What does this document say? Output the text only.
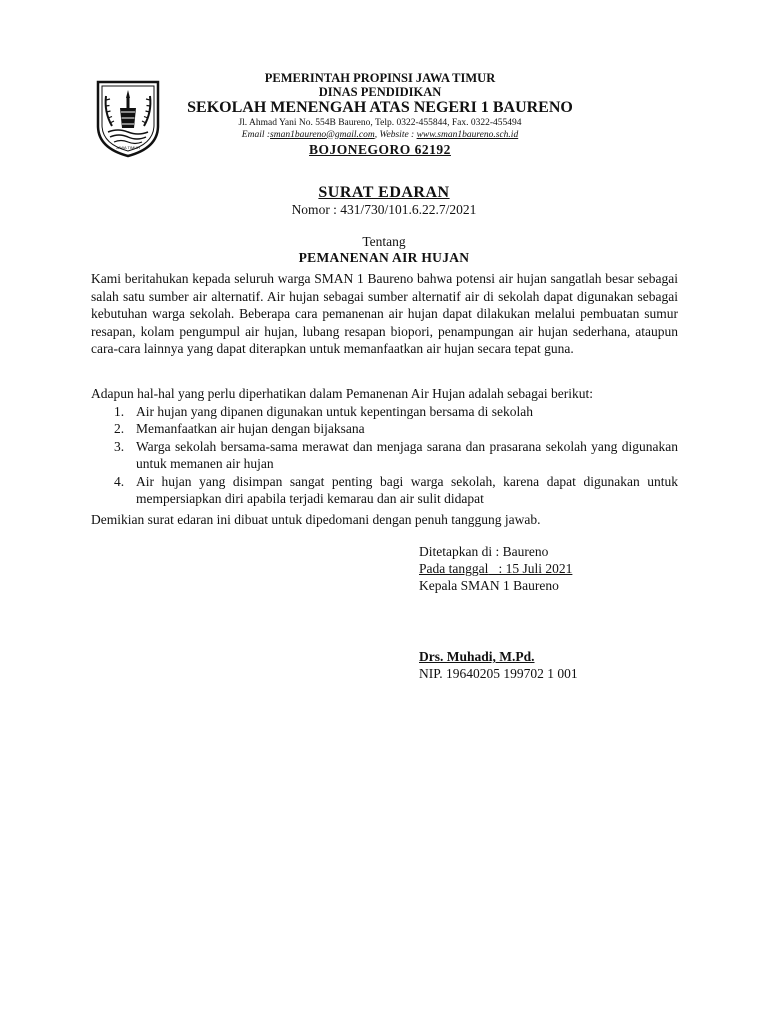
JAWA TIMUR
PEMERINTAH PROPINSI JAWA TIMUR
DINAS PENDIDIKAN
SEKOLAH MENENGAH ATAS NEGERI 1 BAURENO
Jl. Ahmad Yani No. 554B Baureno, Telp. 0322-455844, Fax. 0322-455494
Email :sman1baureno@gmail.com, Website : www.sman1baureno.sch.id
BOJONEGORO 62192
SURAT EDARAN
Nomor : 431/730/101.6.22.7/2021
Tentang
PEMANENAN AIR HUJAN
Kami beritahukan kepada seluruh warga SMAN 1 Baureno bahwa potensi air hujan sangatlah besar sebagai salah satu sumber air alternatif. Air hujan sebagai sumber alternatif air di sekolah dapat digunakan sebagai kebutuhan warga sekolah. Beberapa cara pemanenan air hujan dapat dilakukan melalui pembuatan sumur resapan, kolam pengumpul air hujan, lubang resapan biopori, penampungan air hujan sederhana, ataupun cara-cara lainnya yang dapat diterapkan untuk memanfaatkan air hujan secara tepat guna.
Adapun hal-hal yang perlu diperhatikan dalam Pemanenan Air Hujan adalah sebagai berikut:
1. Air hujan yang dipanen digunakan untuk kepentingan bersama di sekolah
2. Memanfaatkan air hujan dengan bijaksana
3. Warga sekolah bersama-sama merawat dan menjaga sarana dan prasarana sekolah yang digunakan untuk memanen air hujan
4. Air hujan yang disimpan sangat penting bagi warga sekolah, karena dapat digunakan untuk mempersiapkan diri apabila terjadi kemarau dan air sulit didapat
Demikian surat edaran ini dibuat untuk dipedomani dengan penuh tanggung jawab.
Ditetapkan di : Baureno
Pada tanggal   : 15 Juli 2021
Kepala SMAN 1 Baureno
Drs. Muhadi, M.Pd.
NIP. 19640205 199702 1 001
